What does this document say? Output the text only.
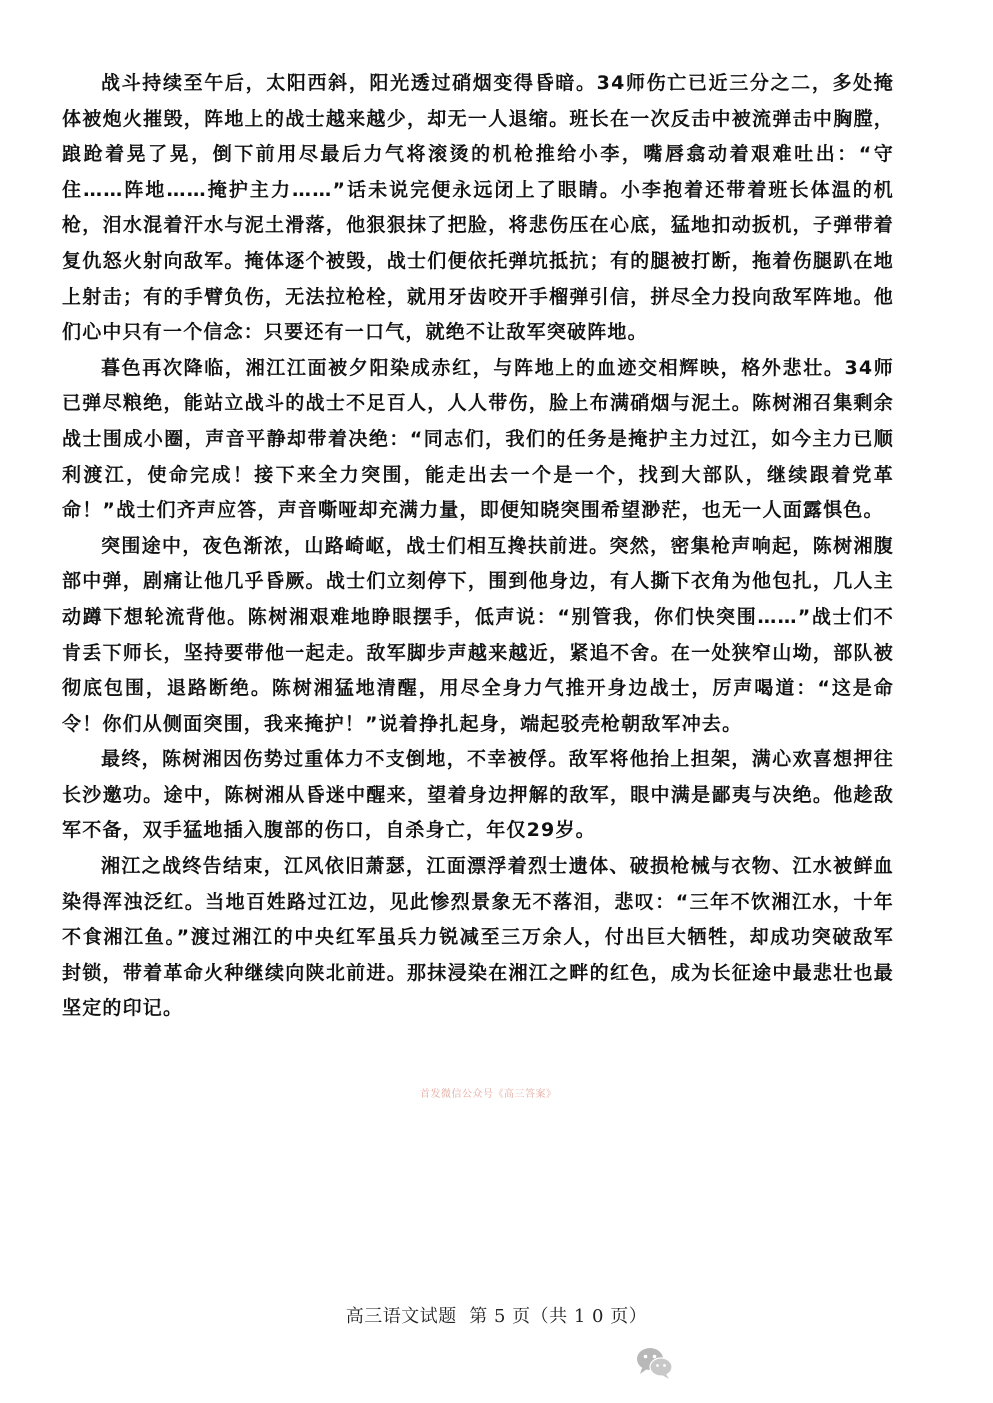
战斗持续至午后，太阳西斜，阳光透过硝烟变得昏暗。34师伤亡已近三分之二，多处掩体被炮火摧毁，阵地上的战士越来越少，却无一人退缩。班长在一次反击中被流弹击中胸膛，踉跄着晃了晃，倒下前用尽最后力气将滚烫的机枪推给小李，嘴唇翕动着艰难吐出：“守住……阵地……掩护主力……”话未说完便永远闭上了眼睛。小李抱着还带着班长体温的机枪，泪水混着汗水与泥土滑落，他狠狠抹了把脸，将悲伤压在心底，猛地扣动扳机，子弹带着复仇怒火射向敌军。掩体逐个被毁，战士们便依托弹坑抵抗；有的腿被打断，拖着伤腿趴在地上射击；有的手臂负伤，无法拉枪栓，就用牙齿咬开手榴弹引信，拼尽全力投向敌军阵地。他们心中只有一个信念：只要还有一口气，就绝不让敌军突破阵地。

暮色再次降临，湘江江面被夕阳染成赤红，与阵地上的血迹交相辉映，格外悲壮。34师已弹尽粮绝，能站立战斗的战士不足百人，人人带伤，脸上布满硝烟与泥土。陈树湘召集剩余战士围成小圈，声音平静却带着决绝：“同志们，我们的任务是掩护主力过江，如今主力已顺利渡江，使命完成！接下来全力突围，能走出去一个是一个，找到大部队，继续跟着党革命！”战士们齐声应答，声音嘶哑却充满力量，即便知晓突围希望渺茫，也无一人面露惧色。

突围途中，夜色渐浓，山路崎岖，战士们相互搀扶前进。突然，密集枪声响起，陈树湘腹部中弹，剧痛让他几乎昏厥。战士们立刻停下，围到他身边，有人撕下衣角为他包扎，几人主动蹲下想轮流背他。陈树湘艰难地睁眼摆手，低声说：“别管我，你们快突围……”战士们不肯丢下师长，坚持要带他一起走。敌军脚步声越来越近，紧追不舍。在一处狭窄山坳，部队被彻底包围，退路断绝。陈树湘猛地清醒，用尽全身力气推开身边战士，厉声喝道：“这是命令！你们从侧面突围，我来掩护！”说着挣扎起身，端起驳壳枪朝敌军冲去。

最终，陈树湘因伤势过重体力不支倒地，不幸被俘。敌军将他抬上担架，满心欢喜想押往长沙邀功。途中，陈树湘从昏迷中醒来，望着身边押解的敌军，眼中满是鄙夷与决绝。他趁敌军不备，双手猛地插入腹部的伤口，自杀身亡，年仅29岁。

湘江之战终告结束，江风依旧萧瑟，江面漂浮着烈士遗体、破损枪械与衣物、江水被鲜血染得浑浊泛红。当地百姓路过江边，见此惨烈景象无不落泪，悲叹：“三年不饮湘江水，十年不食湘江鱼。”渡过湘江的中央红军虽兵力锐减至三万余人，付出巨大牺牲，却成功突破敌军封锁，带着革命火种继续向陕北前进。那抹浸染在湘江之畔的红色，成为长征途中最悲壮也最坚定的印记。

首发微信公众号《高三答案》
高三语文试题 第 5 页（共 1 0 页）
